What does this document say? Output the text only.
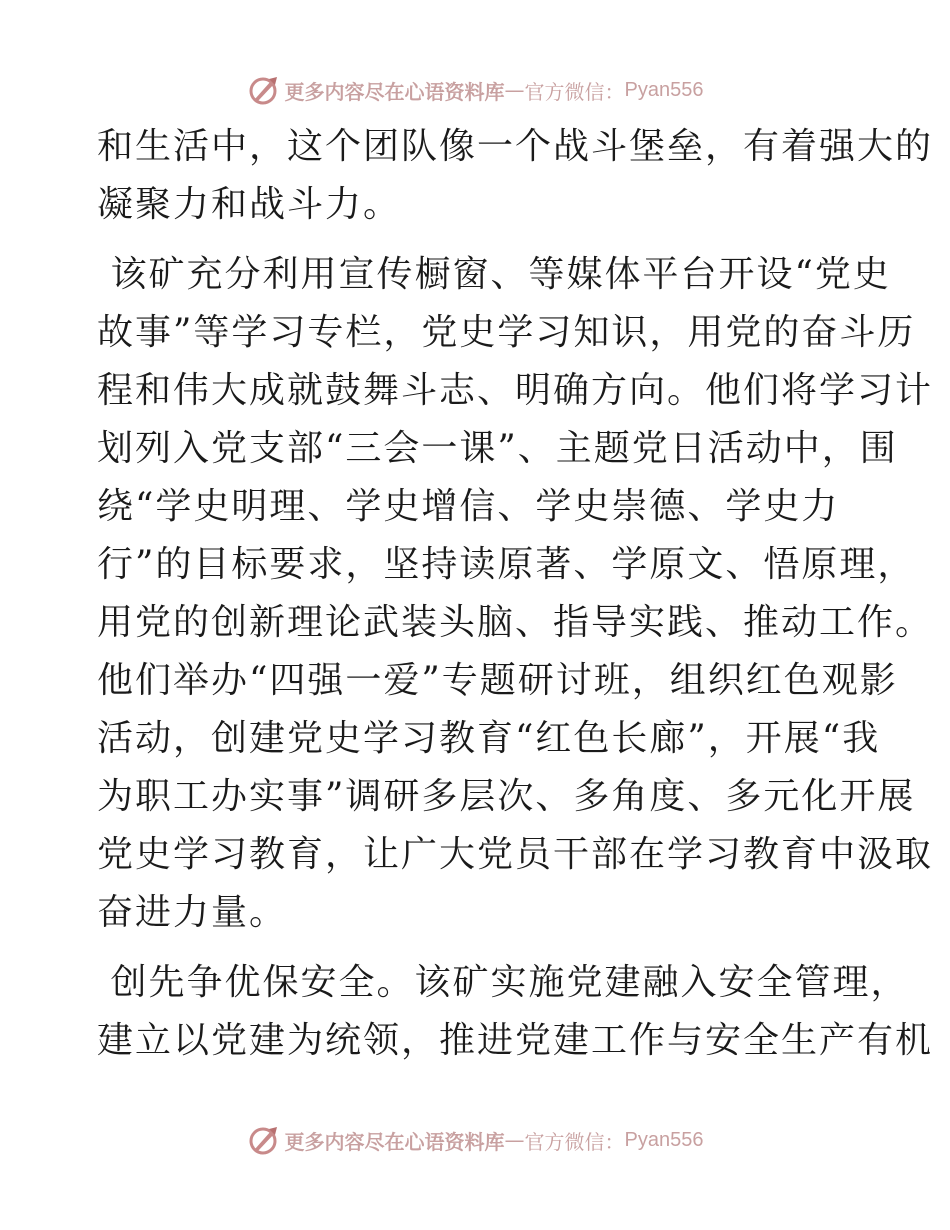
更多内容尽在心语资料库 — 官方微信： Pyan556

和生活中，这个团队像一个战斗堡垒，有着强大的
凝聚力和战斗力。

该矿充分利用宣传橱窗、等媒体平台开设“党史
故事”等学习专栏，党史学习知识，用党的奋斗历
程和伟大成就鼓舞斗志、明确方向。他们将学习计
划列入党支部“三会一课”、主题党日活动中，围
绕“学史明理、学史增信、学史崇德、学史力
行”的目标要求，坚持读原著、学原文、悟原理，
用党的创新理论武装头脑、指导实践、推动工作。
他们举办“四强一爱”专题研讨班，组织红色观影
活动，创建党史学习教育“红色长廊”，开展“我
为职工办实事”调研多层次、多角度、多元化开展
党史学习教育，让广大党员干部在学习教育中汲取
奋进力量。

创先争优保安全。该矿实施党建融入安全管理，
建立以党建为统领，推进党建工作与安全生产有机

更多内容尽在心语资料库 — 官方微信： Pyan556
